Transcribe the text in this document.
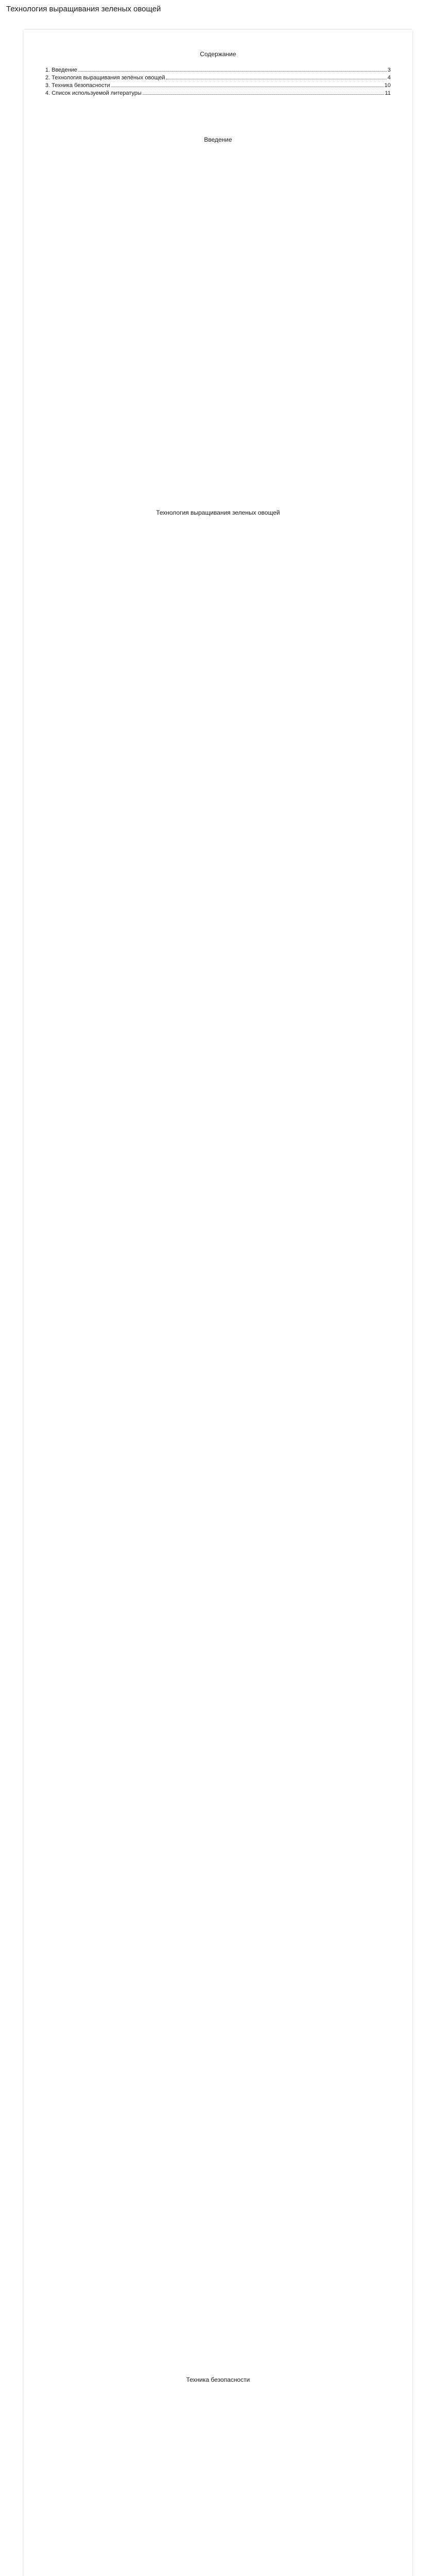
Технология выращивания зеленых овощей
Содержание
1. Введение	3
2. Технология выращивания зелёных овощей	4
3. Техника безопасности	10
4. Список используемой литературы	11
Введение
Технология выращивания зеленых овощей
Техника безопасности
